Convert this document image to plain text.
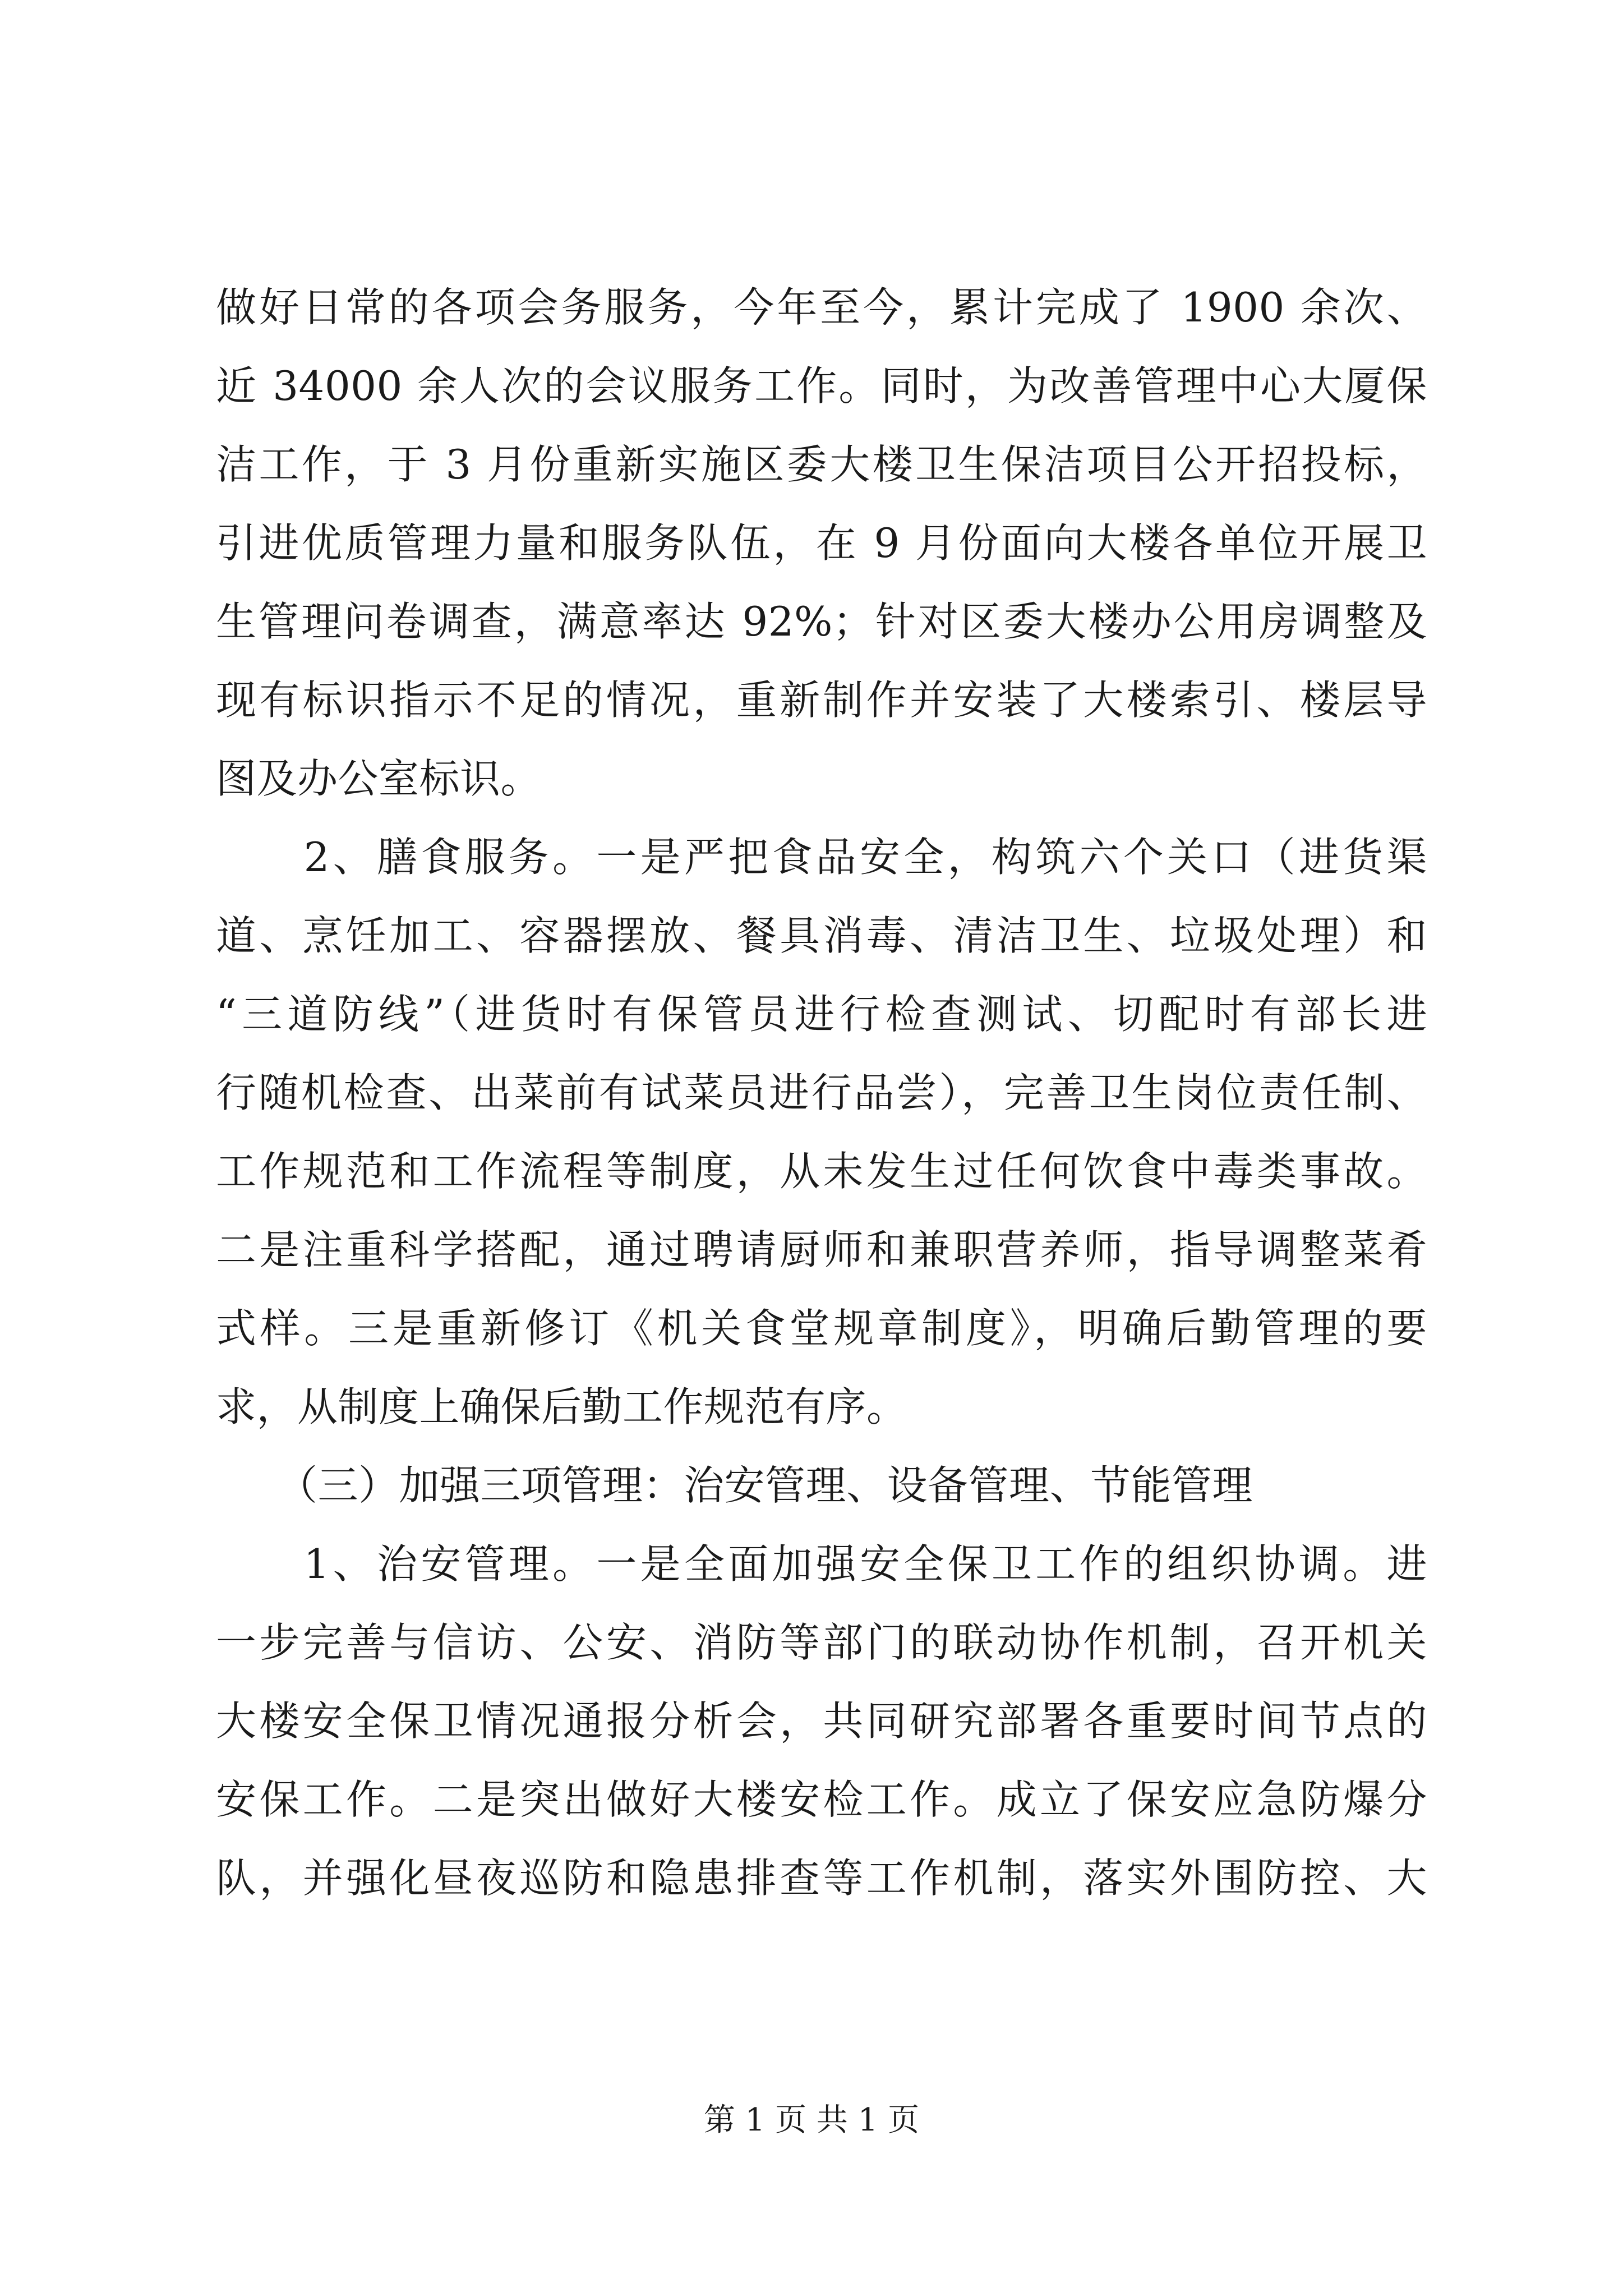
做好日常的各项会务服务，今年至今，累计完成了 1900 余次、
近 34000 余人次的会议服务工作。同时，为改善管理中心大厦保
洁工作，于 3 月份重新实施区委大楼卫生保洁项目公开招投标，
引进优质管理力量和服务队伍，在 9 月份面向大楼各单位开展卫
生管理问卷调查，满意率达 92%；针对区委大楼办公用房调整及
现有标识指示不足的情况，重新制作并安装了大楼索引、楼层导
图及办公室标识。
　　2、膳食服务。一是严把食品安全，构筑六个关口（进货渠
道、烹饪加工、容器摆放、餐具消毒、清洁卫生、垃圾处理）和
“三道防线”（进货时有保管员进行检查测试、切配时有部长进
行随机检查、出菜前有试菜员进行品尝），完善卫生岗位责任制、
工作规范和工作流程等制度，从未发生过任何饮食中毒类事故。
二是注重科学搭配，通过聘请厨师和兼职营养师，指导调整菜肴
式样。三是重新修订《机关食堂规章制度》，明确后勤管理的要
求，从制度上确保后勤工作规范有序。
　　（三）加强三项管理：治安管理、设备管理、节能管理
　　1、治安管理。一是全面加强安全保卫工作的组织协调。进
一步完善与信访、公安、消防等部门的联动协作机制，召开机关
大楼安全保卫情况通报分析会，共同研究部署各重要时间节点的
安保工作。二是突出做好大楼安检工作。成立了保安应急防爆分
队，并强化昼夜巡防和隐患排查等工作机制，落实外围防控、大
第 1 页 共 1 页
